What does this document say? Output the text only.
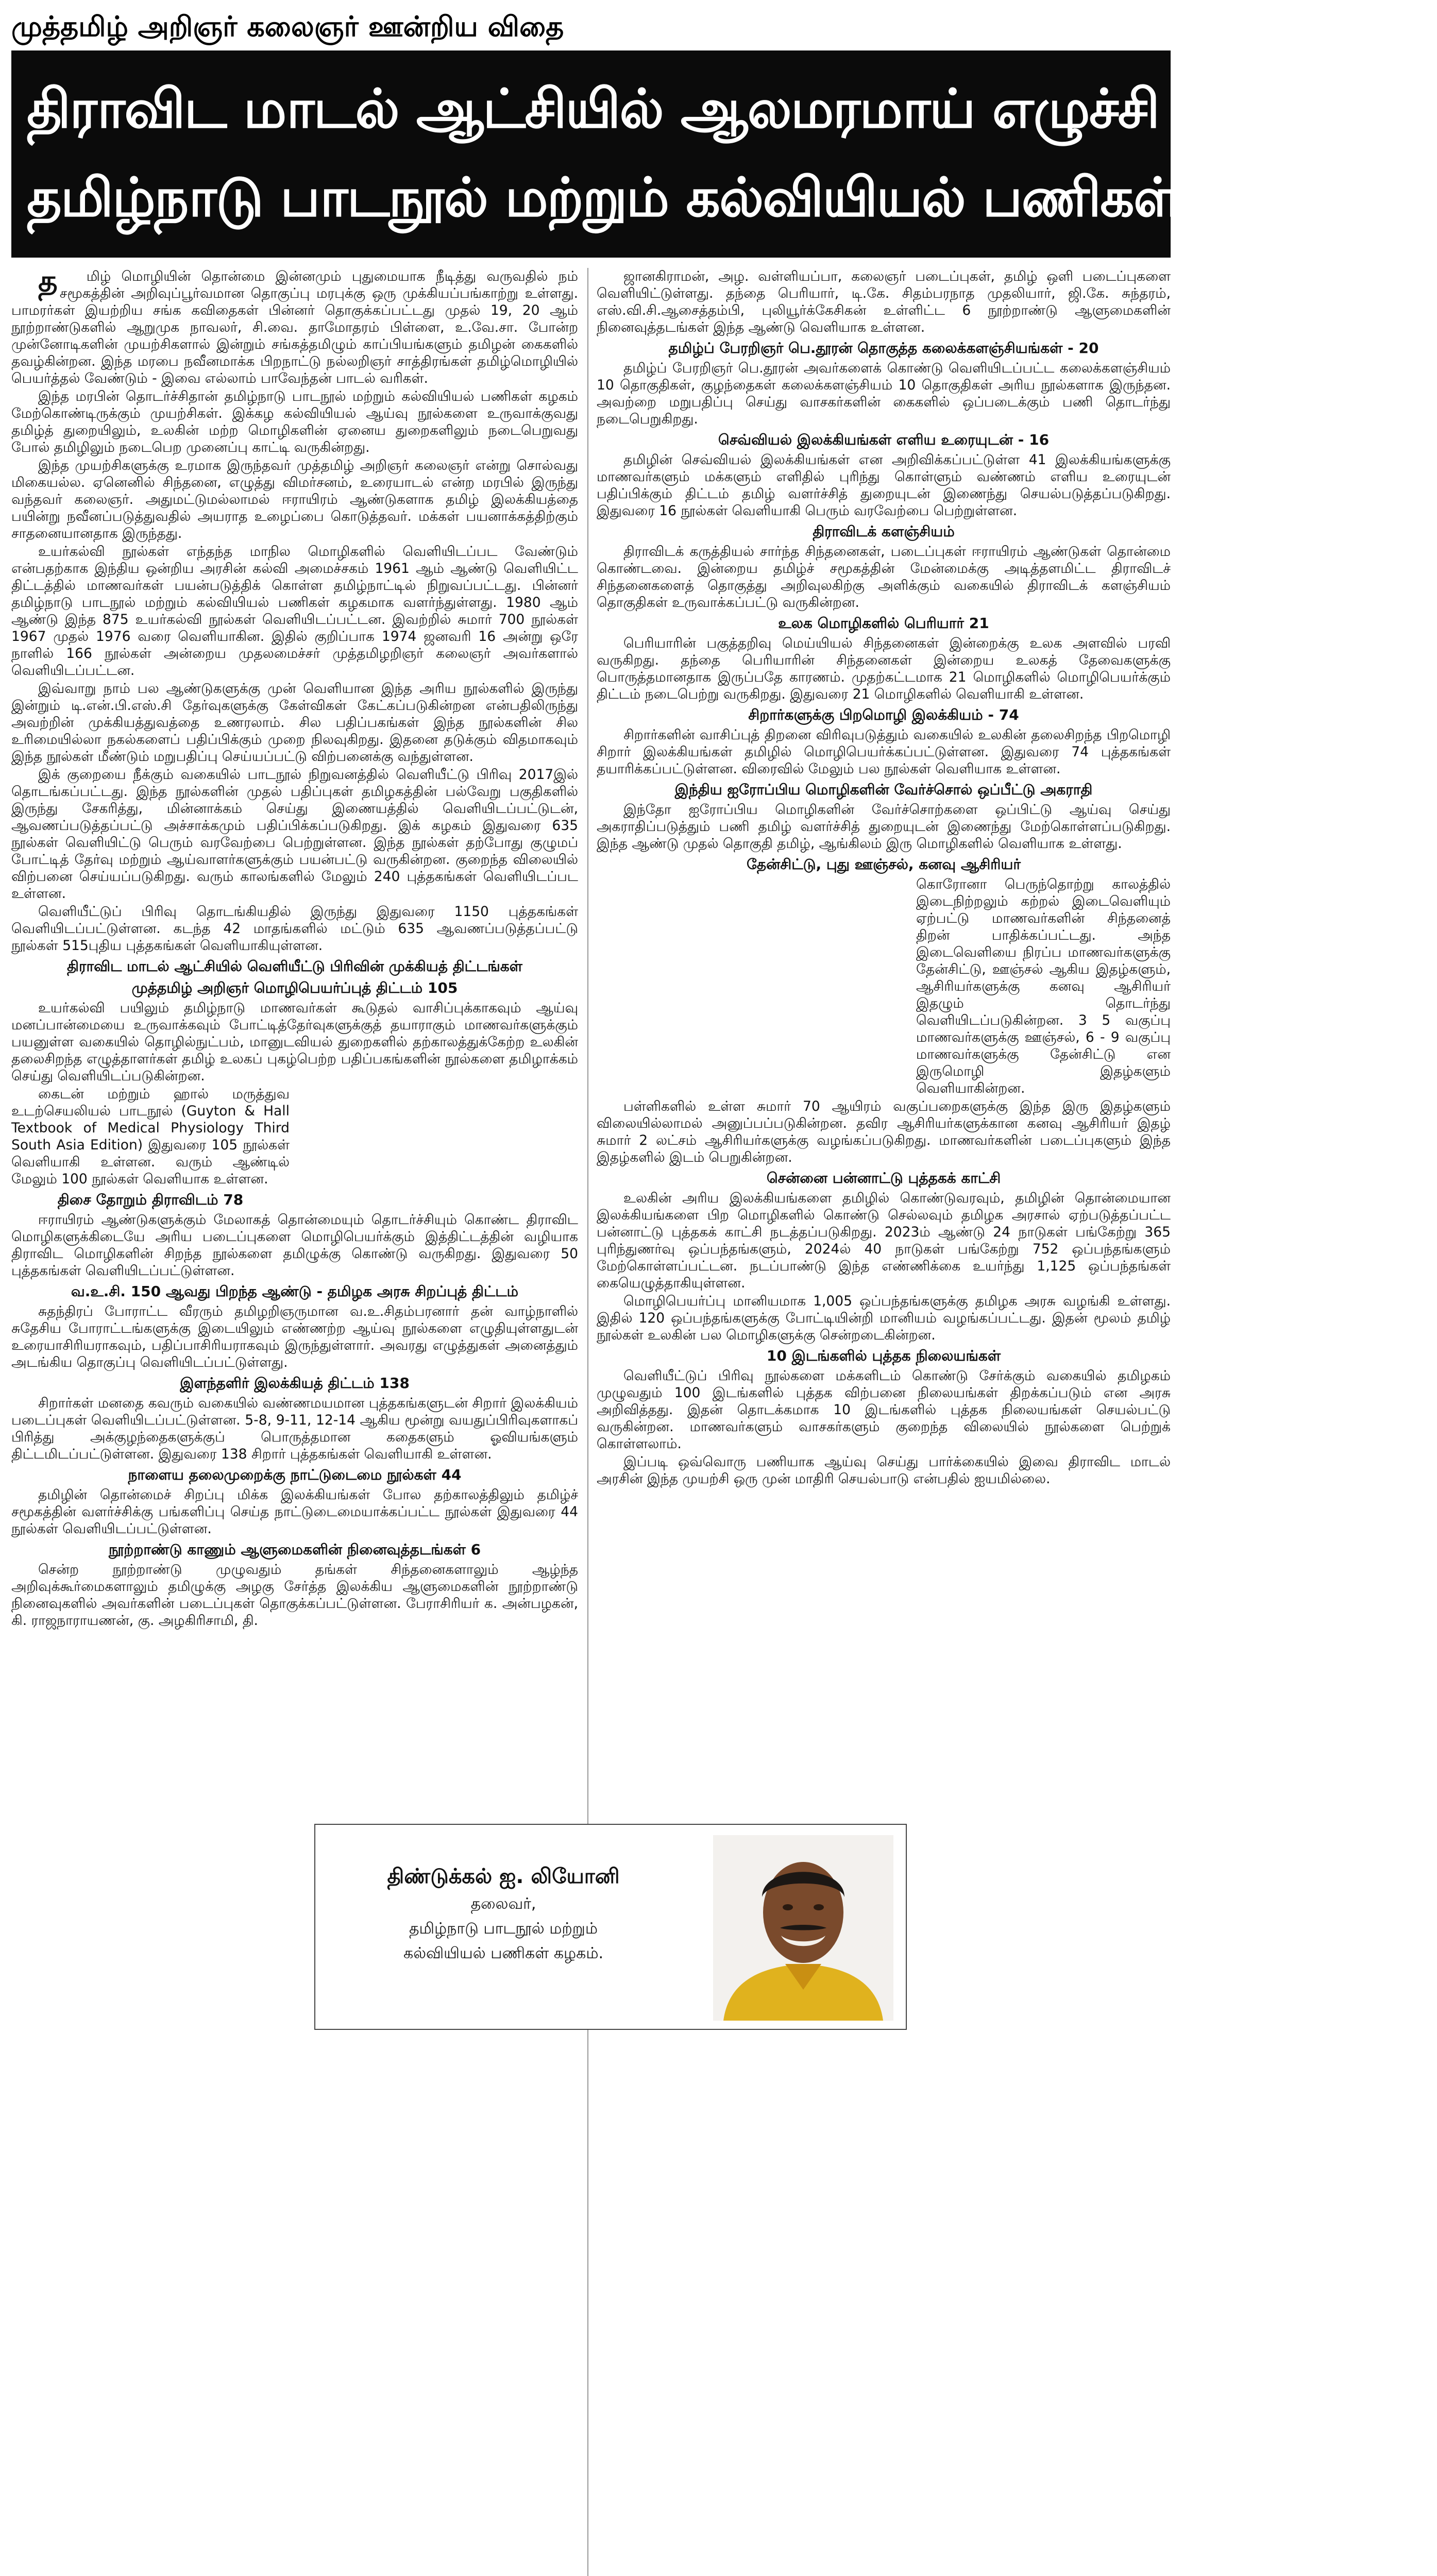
முத்தமிழ் அறிஞர் கலைஞர் ஊன்றிய விதை
திராவிட மாடல் ஆட்சியில் ஆலமரமாய் எழுச்சி கொள்ளும்
தமிழ்நாடு பாடநூல் மற்றும் கல்வியியல் பணிகள் கழகம்!

தமிழ் மொழியின் தொன்மை இன்னமும் புதுமையாக நீடித்து வருவதில் நம் சமூகத்தின் அறிவுப்பூர்வமான தொகுப்பு மரபுக்கு ஒரு முக்கியப்பங்காற்று உள்ளது. பாமரர்கள் இயற்றிய சங்க கவிதைகள் பின்னர் தொகுக்கப்பட்டது முதல் 19, 20 ஆம் நூற்றாண்டுகளில் ஆறுமுக நாவலர், சி.வை. தாமோதரம் பிள்ளை, உ.வே.சா. போன்ற முன்னோடிகளின் முயற்சிகளால் இன்றும் சங்கத்தமிழும் காப்பியங்களும் தமிழன் கைகளில் தவழ்கின்றன. இந்த மரபை நவீனமாக்க பிறநாட்டு நல்லறிஞர் சாத்திரங்கள் தமிழ்மொழியில் பெயர்த்தல் வேண்டும் - இவை எல்லாம் பாவேந்தன் பாடல் வரிகள்.

இந்த மரபின் தொடர்ச்சிதான் தமிழ்நாடு பாடநூல் மற்றும் கல்வியியல் பணிகள் கழகம் மேற்கொண்டிருக்கும் முயற்சிகள். இக்கழ கல்வியியல் ஆய்வு நூல்களை உருவாக்குவது தமிழ்த் துறையிலும், உலகின் மற்ற மொழிகளின் ஏனைய துறைகளிலும் நடைபெறுவது போல் தமிழிலும் நடைபெற முனைப்பு காட்டி வருகின்றது.

இந்த முயற்சிகளுக்கு உரமாக இருந்தவர் முத்தமிழ் அறிஞர் கலைஞர் என்று சொல்வது மிகையல்ல. ஏனெனில் சிந்தனை, எழுத்து விமர்சனம், உரையாடல் என்ற மரபில் இருந்து வந்தவர் கலைஞர். அதுமட்டுமல்லாமல் ஈராயிரம் ஆண்டுகளாக தமிழ் இலக்கியத்தை பயின்று நவீனப்படுத்துவதில் அயராத உழைப்பை கொடுத்தவர். மக்கள் பயனாக்கத்திற்கும் சாதனையானதாக இருந்தது.

உயர்கல்வி நூல்கள் எந்தந்த மாநில மொழிகளில் வெளியிடப்பட வேண்டும் என்பதற்காக இந்திய ஒன்றிய அரசின் கல்வி அமைச்சகம் 1961 ஆம் ஆண்டு வெளியிட்ட திட்டத்தில் மாணவர்கள் பயன்படுத்திக் கொள்ள தமிழ்நாட்டில் நிறுவப்பட்டது. பின்னர் தமிழ்நாடு பாடநூல் மற்றும் கல்வியியல் பணிகள் கழகமாக வளர்ந்துள்ளது. 1980 ஆம் ஆண்டு இந்த 875 உயர்கல்வி நூல்கள் வெளியிடப்பட்டன. இவற்றில் சுமார் 700 நூல்கள் 1967 முதல் 1976 வரை வெளியாகின. இதில் குறிப்பாக 1974 ஜனவரி 16 அன்று ஒரே நாளில் 166 நூல்கள் அன்றைய முதலமைச்சர் முத்தமிழறிஞர் கலைஞர் அவர்களால் வெளியிடப்பட்டன.

இவ்வாறு நாம் பல ஆண்டுகளுக்கு முன் வெளியான இந்த அரிய நூல்களில் இருந்து இன்றும் டி.என்.பி.எஸ்.சி தேர்வுகளுக்கு கேள்விகள் கேட்கப்படுகின்றன என்பதிலிருந்து அவற்றின் முக்கியத்துவத்தை உணரலாம். சில பதிப்பகங்கள் இந்த நூல்களின் சில உரிமையில்லா நகல்களைப் பதிப்பிக்கும் முறை நிலவுகிறது. இதனை தடுக்கும் விதமாகவும் இந்த நூல்கள் மீண்டும் மறுபதிப்பு செய்யப்பட்டு விற்பனைக்கு வந்துள்ளன.

இக் குறையை நீக்கும் வகையில் பாடநூல் நிறுவனத்தில் வெளியீட்டு பிரிவு 2017இல் தொடங்கப்பட்டது. இந்த நூல்களின் முதல் பதிப்புகள் தமிழகத்தின் பல்வேறு பகுதிகளில் இருந்து சேகரித்து, மின்னாக்கம் செய்து இணையத்தில் வெளியிடப்பட்டுடன், ஆவணப்படுத்தப்பட்டு அச்சாக்கமும் பதிப்பிக்கப்படுகிறது. இக் கழகம் இதுவரை 635 நூல்கள் வெளியிட்டு பெரும் வரவேற்பை பெற்றுள்ளன. இந்த நூல்கள் தற்போது குழுமப் போட்டித் தேர்வு மற்றும் ஆய்வாளர்களுக்கும் பயன்பட்டு வருகின்றன. குறைந்த விலையில் விற்பனை செய்யப்படுகிறது. வரும் காலங்களில் மேலும் 240 புத்தகங்கள் வெளியிடப்பட உள்ளன.

வெளியீட்டுப் பிரிவு தொடங்கியதில் இருந்து இதுவரை 1150 புத்தகங்கள் வெளியிடப்பட்டுள்ளன. கடந்த 42 மாதங்களில் மட்டும் 635 ஆவணப்படுத்தப்பட்டு நூல்கள் 515புதிய புத்தகங்கள் வெளியாகியுள்ளன.

திராவிட மாடல் ஆட்சியில் வெளியீட்டு பிரிவின் முக்கியத் திட்டங்கள்
முத்தமிழ் அறிஞர் மொழிபெயர்ப்புத் திட்டம் 105

உயர்கல்வி பயிலும் தமிழ்நாடு மாணவர்கள் கூடுதல் வாசிப்புக்காகவும் ஆய்வு மனப்பான்மையை உருவாக்கவும் போட்டித்தேர்வுகளுக்குத் தயாராகும் மாணவர்களுக்கும் பயனுள்ள வகையில் தொழில்நுட்பம், மானுடவியல் துறைகளில் தற்காலத்துக்கேற்ற உலகின் தலைசிறந்த எழுத்தாளர்கள் தமிழ் உலகப் புகழ்பெற்ற பதிப்பகங்களின் நூல்களை தமிழாக்கம் செய்து வெளியிடப்படுகின்றன.

கைடன் மற்றும் ஹால் மருத்துவ உடற்செயலியல் பாடநூல் (Guyton & Hall Textbook of Medical Physiology Third South Asia Edition) இதுவரை 105 நூல்கள் வெளியாகி உள்ளன. வரும் ஆண்டில் மேலும் 100 நூல்கள் வெளியாக உள்ளன.

திசை தோறும் திராவிடம் 78

ஈராயிரம் ஆண்டுகளுக்கும் மேலாகத் தொன்மையும் தொடர்ச்சியும் கொண்ட திராவிட மொழிகளுக்கிடையே அரிய படைப்புகளை மொழிபெயர்க்கும் இத்திட்டத்தின் வழியாக திராவிட மொழிகளின் சிறந்த நூல்களை தமிழுக்கு கொண்டு வருகிறது. இதுவரை 50 புத்தகங்கள் வெளியிடப்பட்டுள்ளன.

வ.உ.சி. 150 ஆவது பிறந்த ஆண்டு - தமிழக அரசு சிறப்புத் திட்டம்

சுதந்திரப் போராட்ட வீரரும் தமிழறிஞருமான வ.உ.சிதம்பரனார் தன் வாழ்நாளில் சுதேசிய போராட்டங்களுக்கு இடையிலும் எண்ணற்ற ஆய்வு நூல்களை எழுதியுள்ளதுடன் உரையாசிரியராகவும், பதிப்பாசிரியராகவும் இருந்துள்ளார். அவரது எழுத்துகள் அனைத்தும் அடங்கிய தொகுப்பு வெளியிடப்பட்டுள்ளது.

இளந்தளிர் இலக்கியத் திட்டம் 138

சிறார்கள் மனதை கவரும் வகையில் வண்ணமயமான புத்தகங்களுடன் சிறார் இலக்கியம் படைப்புகள் வெளியிடப்பட்டுள்ளன. 5-8, 9-11, 12-14 ஆகிய மூன்று வயதுப்பிரிவுகளாகப் பிரித்து அக்குழந்தைகளுக்குப் பொருத்தமான கதைகளும் ஓவியங்களும் திட்டமிடப்பட்டுள்ளன. இதுவரை 138 சிறார் புத்தகங்கள் வெளியாகி உள்ளன.

நாளைய தலைமுறைக்கு நாட்டுடைமை நூல்கள் 44

தமிழின் தொன்மைச் சிறப்பு மிக்க இலக்கியங்கள் போல தற்காலத்திலும் தமிழ்ச் சமூகத்தின் வளர்ச்சிக்கு பங்களிப்பு செய்த நாட்டுடைமையாக்கப்பட்ட நூல்கள் இதுவரை 44 நூல்கள் வெளியிடப்பட்டுள்ளன.

நூற்றாண்டு காணும் ஆளுமைகளின் நினைவுத்தடங்கள் 6

சென்ற நூற்றாண்டு முழுவதும் தங்கள் சிந்தனைகளாலும் ஆழ்ந்த அறிவுக்கூர்மைகளாலும் தமிழுக்கு அழகு சேர்த்த இலக்கிய ஆளுமைகளின் நூற்றாண்டு நினைவுகளில் அவர்களின் படைப்புகள் தொகுக்கப்பட்டுள்ளன. பேராசிரியர் க. அன்பழகன், கி. ராஜநாராயணன், கு. அழகிரிசாமி, தி.

ஜானகிராமன், அழ. வள்ளியப்பா, கலைஞர் படைப்புகள், தமிழ் ஒளி படைப்புகளை வெளியிட்டுள்ளது. தந்தை பெரியார், டி.கே. சிதம்பரநாத முதலியார், ஜி.கே. சுந்தரம், எஸ்.வி.சி.ஆசைத்தம்பி, புலியூர்க்கேசிகன் உள்ளிட்ட 6 நூற்றாண்டு ஆளுமைகளின் நினைவுத்தடங்கள் இந்த ஆண்டு வெளியாக உள்ளன.

தமிழ்ப் பேரறிஞர் பெ.தூரன் தொகுத்த கலைக்களஞ்சியங்கள் - 20

தமிழ்ப் பேரறிஞர் பெ.தூரன் அவர்களைக் கொண்டு வெளியிடப்பட்ட கலைக்களஞ்சியம் 10 தொகுதிகள், குழந்தைகள் கலைக்களஞ்சியம் 10 தொகுதிகள் அரிய நூல்களாக இருந்தன. அவற்றை மறுபதிப்பு செய்து வாசகர்களின் கைகளில் ஒப்படைக்கும் பணி தொடர்ந்து நடைபெறுகிறது.

செவ்வியல் இலக்கியங்கள் எளிய உரையுடன் - 16

தமிழின் செவ்வியல் இலக்கியங்கள் என அறிவிக்கப்பட்டுள்ள 41 இலக்கியங்களுக்கு மாணவர்களும் மக்களும் எளிதில் புரிந்து கொள்ளும் வண்ணம் எளிய உரையுடன் பதிப்பிக்கும் திட்டம் தமிழ் வளர்ச்சித் துறையுடன் இணைந்து செயல்படுத்தப்படுகிறது. இதுவரை 16 நூல்கள் வெளியாகி பெரும் வரவேற்பை பெற்றுள்ளன.

திராவிடக் களஞ்சியம்

திராவிடக் கருத்தியல் சார்ந்த சிந்தனைகள், படைப்புகள் ஈராயிரம் ஆண்டுகள் தொன்மை கொண்டவை. இன்றைய தமிழ்ச் சமூகத்தின் மேன்மைக்கு அடித்தளமிட்ட திராவிடச் சிந்தனைகளைத் தொகுத்து அறிவுலகிற்கு அளிக்கும் வகையில் திராவிடக் களஞ்சியம் தொகுதிகள் உருவாக்கப்பட்டு வருகின்றன.

உலக மொழிகளில் பெரியார் 21

பெரியாரின் பகுத்தறிவு மெய்யியல் சிந்தனைகள் இன்றைக்கு உலக அளவில் பரவி வருகிறது. தந்தை பெரியாரின் சிந்தனைகள் இன்றைய உலகத் தேவைகளுக்கு பொருத்தமானதாக இருப்பதே காரணம். முதற்கட்டமாக 21 மொழிகளில் மொழிபெயர்க்கும் திட்டம் நடைபெற்று வருகிறது. இதுவரை 21 மொழிகளில் வெளியாகி உள்ளன.

சிறார்களுக்கு பிறமொழி இலக்கியம் - 74

சிறார்களின் வாசிப்புத் திறனை விரிவுபடுத்தும் வகையில் உலகின் தலைசிறந்த பிறமொழி சிறார் இலக்கியங்கள் தமிழில் மொழிபெயர்க்கப்பட்டுள்ளன. இதுவரை 74 புத்தகங்கள் தயாரிக்கப்பட்டுள்ளன. விரைவில் மேலும் பல நூல்கள் வெளியாக உள்ளன.

இந்திய ஐரோப்பிய மொழிகளின் வேர்ச்சொல் ஒப்பீட்டு அகராதி

இந்தோ ஐரோப்பிய மொழிகளின் வேர்ச்சொற்களை ஒப்பிட்டு ஆய்வு செய்து அகராதிப்படுத்தும் பணி தமிழ் வளர்ச்சித் துறையுடன் இணைந்து மேற்கொள்ளப்படுகிறது. இந்த ஆண்டு முதல் தொகுதி தமிழ், ஆங்கிலம் இரு மொழிகளில் வெளியாக உள்ளது.

தேன்சிட்டு, புது ஊஞ்சல், கனவு ஆசிரியர்

கொரோனா பெருந்தொற்று காலத்தில் இடைநிற்றலும் கற்றல் இடைவெளியும் ஏற்பட்டு மாணவர்களின் சிந்தனைத் திறன் பாதிக்கப்பட்டது. அந்த இடைவெளியை நிரப்ப மாணவர்களுக்கு தேன்சிட்டு, ஊஞ்சல் ஆகிய இதழ்களும், ஆசிரியர்களுக்கு கனவு ஆசிரியர் இதழும் தொடர்ந்து வெளியிடப்படுகின்றன. 3 5 வகுப்பு மாணவர்களுக்கு ஊஞ்சல், 6 - 9 வகுப்பு மாணவர்களுக்கு தேன்சிட்டு என இருமொழி இதழ்களும் வெளியாகின்றன.

பள்ளிகளில் உள்ள சுமார் 70 ஆயிரம் வகுப்பறைகளுக்கு இந்த இரு இதழ்களும் விலையில்லாமல் அனுப்பப்படுகின்றன. தவிர ஆசிரியர்களுக்கான கனவு ஆசிரியர் இதழ் சுமார் 2 லட்சம் ஆசிரியர்களுக்கு வழங்கப்படுகிறது. மாணவர்களின் படைப்புகளும் இந்த இதழ்களில் இடம் பெறுகின்றன.

சென்னை பன்னாட்டு புத்தகக் காட்சி

உலகின் அரிய இலக்கியங்களை தமிழில் கொண்டுவரவும், தமிழின் தொன்மையான இலக்கியங்களை பிற மொழிகளில் கொண்டு செல்லவும் தமிழக அரசால் ஏற்படுத்தப்பட்ட பன்னாட்டு புத்தகக் காட்சி நடத்தப்படுகிறது. 2023ம் ஆண்டு 24 நாடுகள் பங்கேற்று 365 புரிந்துணர்வு ஒப்பந்தங்களும், 2024ல் 40 நாடுகள் பங்கேற்று 752 ஒப்பந்தங்களும் மேற்கொள்ளப்பட்டன. நடப்பாண்டு இந்த எண்ணிக்கை உயர்ந்து 1,125 ஒப்பந்தங்கள் கையெழுத்தாகியுள்ளன.

மொழிபெயர்ப்பு மானியமாக 1,005 ஒப்பந்தங்களுக்கு தமிழக அரசு வழங்கி உள்ளது. இதில் 120 ஒப்பந்தங்களுக்கு போட்டியின்றி மானியம் வழங்கப்பட்டது. இதன் மூலம் தமிழ் நூல்கள் உலகின் பல மொழிகளுக்கு சென்றடைகின்றன.

10 இடங்களில் புத்தக நிலையங்கள்

வெளியீட்டுப் பிரிவு நூல்களை மக்களிடம் கொண்டு சேர்க்கும் வகையில் தமிழகம் முழுவதும் 100 இடங்களில் புத்தக விற்பனை நிலையங்கள் திறக்கப்படும் என அரசு அறிவித்தது. இதன் தொடக்கமாக 10 இடங்களில் புத்தக நிலையங்கள் செயல்பட்டு வருகின்றன. மாணவர்களும் வாசகர்களும் குறைந்த விலையில் நூல்களை பெற்றுக் கொள்ளலாம்.

இப்படி ஒவ்வொரு பணியாக ஆய்வு செய்து பார்க்கையில் இவை திராவிட மாடல் அரசின் இந்த முயற்சி ஒரு முன் மாதிரி செயல்பாடு என்பதில் ஐயமில்லை.

திண்டுக்கல் ஐ. லியோனி
தலைவர்,
தமிழ்நாடு பாடநூல் மற்றும்
கல்வியியல் பணிகள் கழகம்.
